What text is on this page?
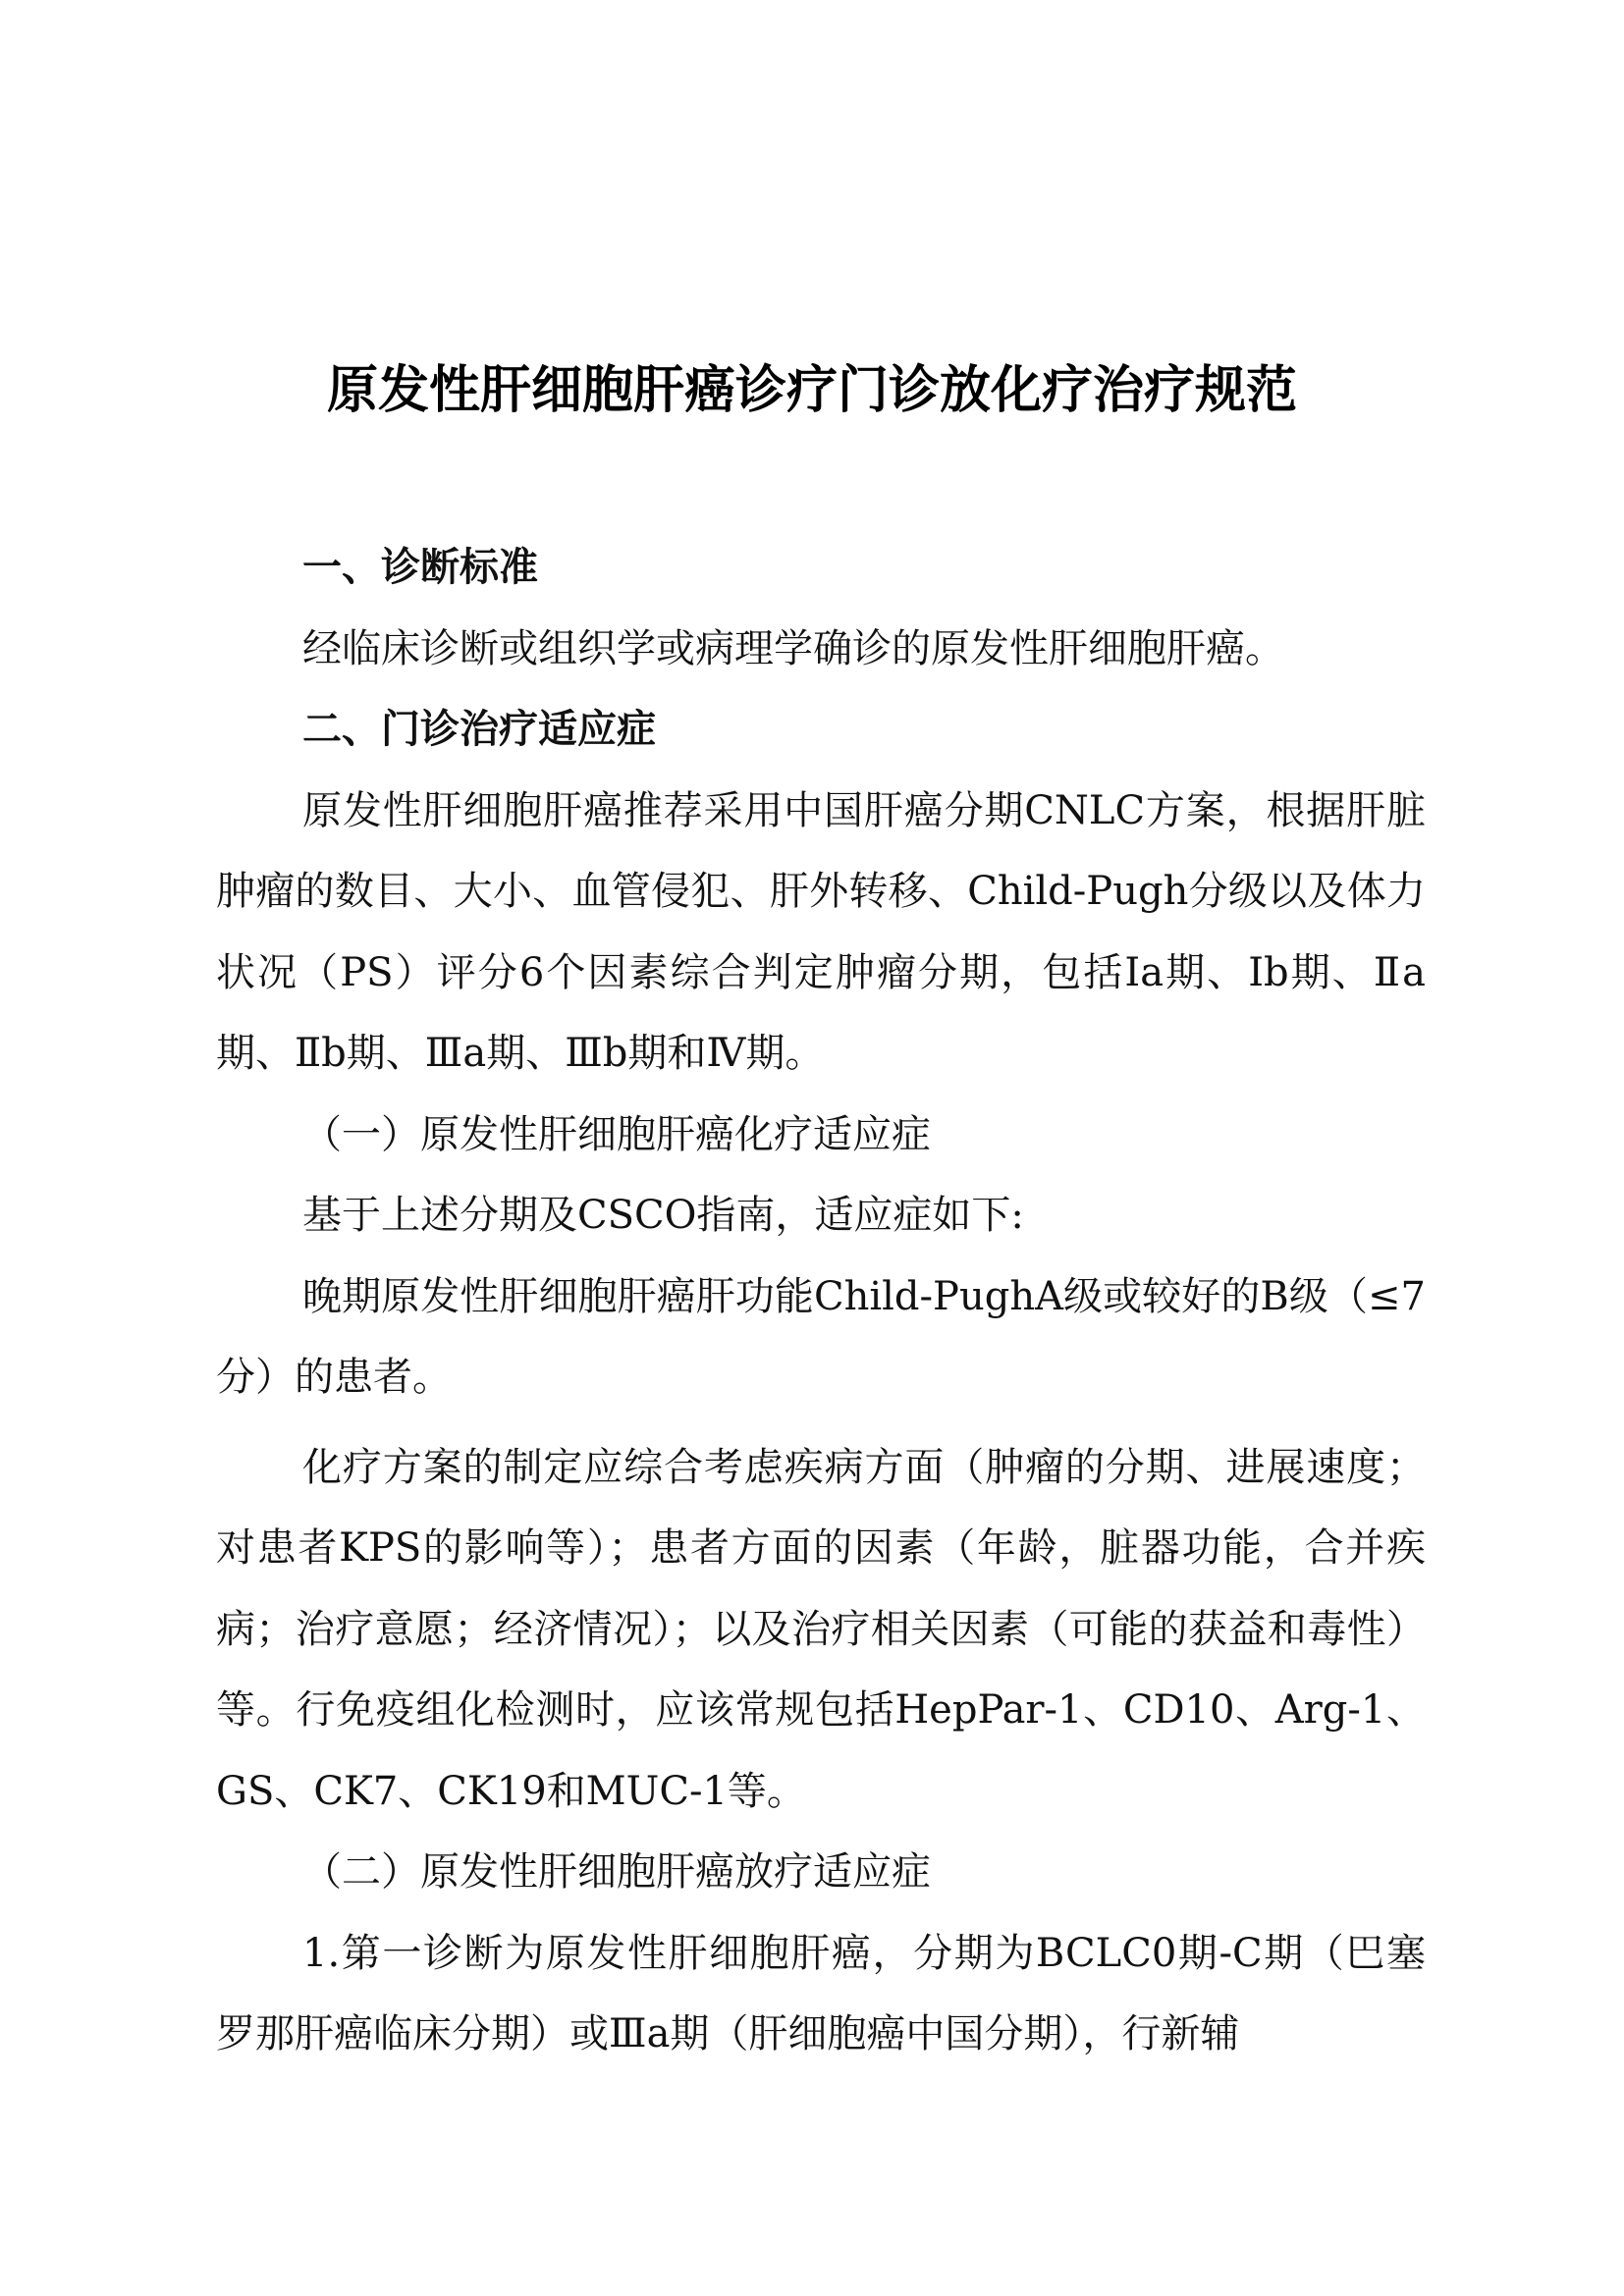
原发性肝细胞肝癌诊疗门诊放化疗治疗规范

一、诊断标准

经临床诊断或组织学或病理学确诊的原发性肝细胞肝癌。

二、门诊治疗适应症

原发性肝细胞肝癌推荐采用中国肝癌分期CNLC方案，根据肝脏肿瘤的数目、大小、血管侵犯、肝外转移、Child-Pugh分级以及体力状况（PS）评分6个因素综合判定肿瘤分期，包括Ia期、Ib期、Ⅱa期、Ⅱb期、Ⅲa期、Ⅲb期和Ⅳ期。

（一）原发性肝细胞肝癌化疗适应症

基于上述分期及CSCO指南，适应症如下:

晚期原发性肝细胞肝癌肝功能Child-PughA级或较好的B级（≤7分）的患者。

化疗方案的制定应综合考虑疾病方面（肿瘤的分期、进展速度；对患者KPS的影响等）；患者方面的因素（年龄，脏器功能，合并疾病；治疗意愿；经济情况）；以及治疗相关因素（可能的获益和毒性）等。行免疫组化检测时，应该常规包括HepPar-1、CD10、Arg-1、GS、CK7、CK19和MUC-1等。

（二）原发性肝细胞肝癌放疗适应症

1.第一诊断为原发性肝细胞肝癌，分期为BCLC0期-C期（巴塞罗那肝癌临床分期）或Ⅲa期（肝细胞癌中国分期），行新辅
